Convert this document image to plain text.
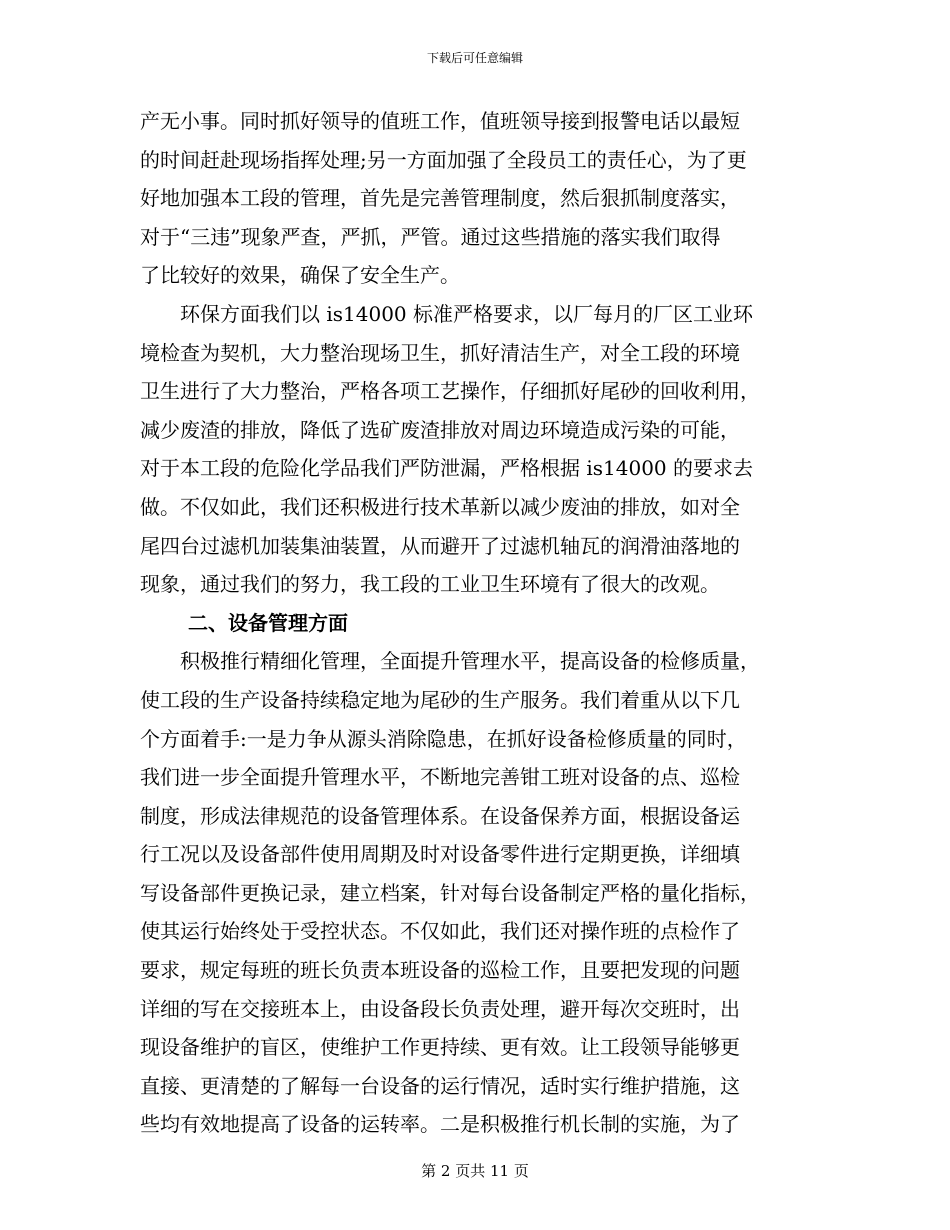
下载后可任意编辑
产无小事。同时抓好领导的值班工作，值班领导接到报警电话以最短
的时间赶赴现场指挥处理;另一方面加强了全段员工的责任心，为了更
好地加强本工段的管理，首先是完善管理制度，然后狠抓制度落实，
对于“三违”现象严查，严抓，严管。通过这些措施的落实我们取得
了比较好的效果，确保了安全生产。
环保方面我们以 is14000 标准严格要求，以厂每月的厂区工业环
境检查为契机，大力整治现场卫生，抓好清洁生产，对全工段的环境
卫生进行了大力整治，严格各项工艺操作，仔细抓好尾砂的回收利用，
减少废渣的排放，降低了选矿废渣排放对周边环境造成污染的可能，
对于本工段的危险化学品我们严防泄漏，严格根据 is14000 的要求去
做。不仅如此，我们还积极进行技术革新以减少废油的排放，如对全
尾四台过滤机加装集油装置，从而避开了过滤机轴瓦的润滑油落地的
现象，通过我们的努力，我工段的工业卫生环境有了很大的改观。
二、设备管理方面
积极推行精细化管理，全面提升管理水平，提高设备的检修质量，
使工段的生产设备持续稳定地为尾砂的生产服务。我们着重从以下几
个方面着手:一是力争从源头消除隐患，在抓好设备检修质量的同时，
我们进一步全面提升管理水平，不断地完善钳工班对设备的点、巡检
制度，形成法律规范的设备管理体系。在设备保养方面，根据设备运
行工况以及设备部件使用周期及时对设备零件进行定期更换，详细填
写设备部件更换记录，建立档案，针对每台设备制定严格的量化指标，
使其运行始终处于受控状态。不仅如此，我们还对操作班的点检作了
要求，规定每班的班长负责本班设备的巡检工作，且要把发现的问题
详细的写在交接班本上，由设备段长负责处理，避开每次交班时，出
现设备维护的盲区，使维护工作更持续、更有效。让工段领导能够更
直接、更清楚的了解每一台设备的运行情况，适时实行维护措施，这
些均有效地提高了设备的运转率。二是积极推行机长制的实施，为了
第 2 页共 11 页
